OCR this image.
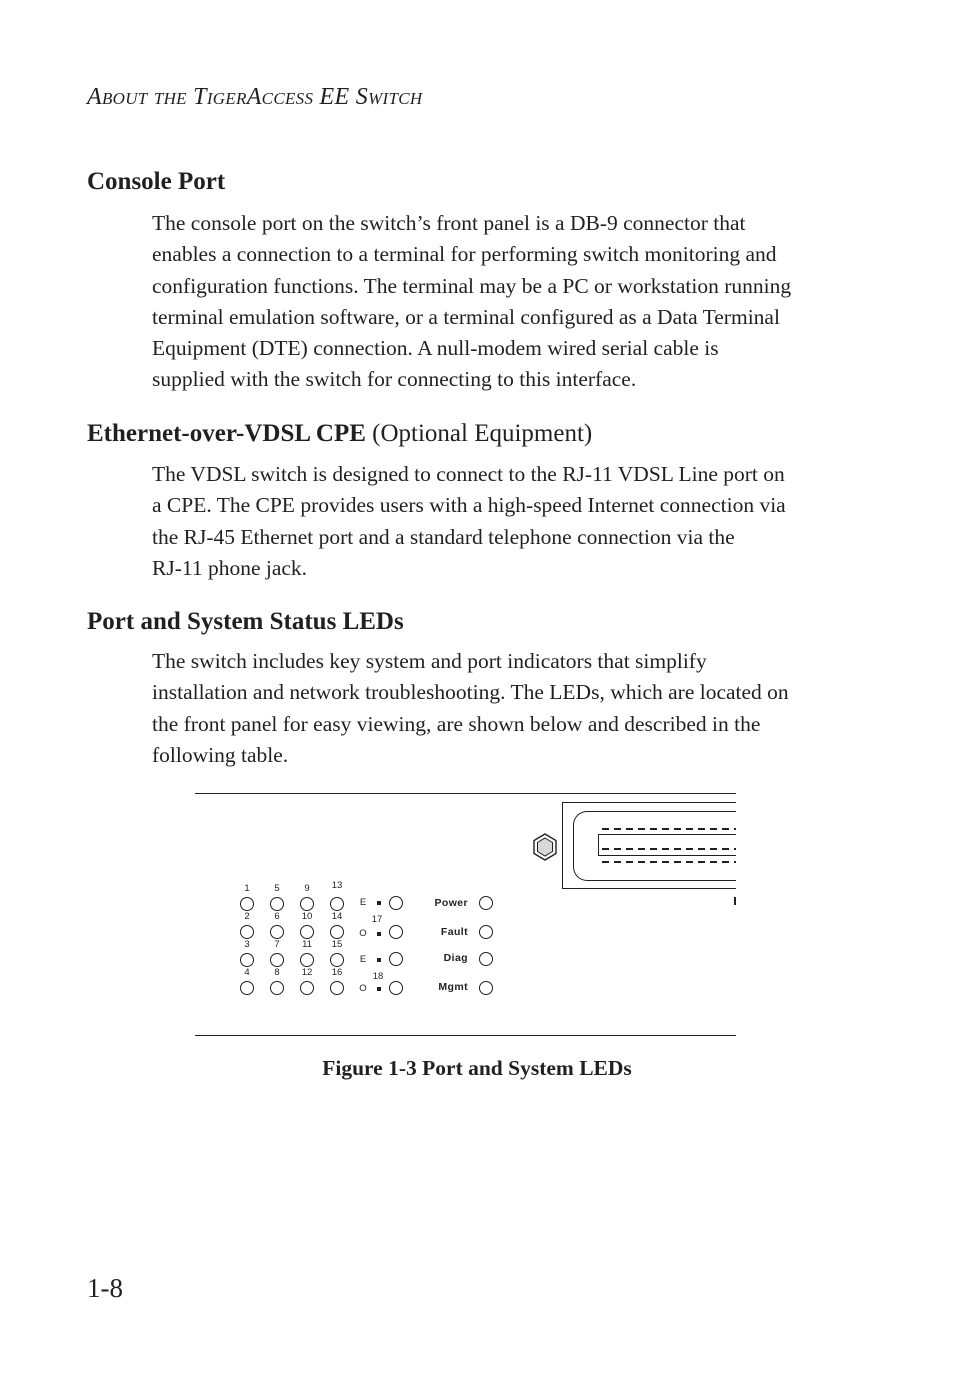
About the TigerAccess EE Switch
Console Port

The console port on the switch’s front panel is a DB-9 connector that
enables a connection to a terminal for performing switch monitoring and
configuration functions. The terminal may be a PC or workstation running
terminal emulation software, or a terminal configured as a Data Terminal
Equipment (DTE) connection. A null-modem wired serial cable is
supplied with the switch for connecting to this interface.

Ethernet-over-VDSL CPE (Optional Equipment)

The VDSL switch is designed to connect to the RJ-11 VDSL Line port on
a CPE. The CPE provides users with a high-speed Internet connection via
the RJ-45 Ethernet port and a standard telephone connection via the
RJ-11 phone jack.

Port and System Status LEDs

The switch includes key system and port indicators that simplify
installation and network troubleshooting. The LEDs, which are located on
the front panel for easy viewing, are shown below and described in the
following table.

1
2
3
4
5
6
7
8
9
10
11
12
13
14
15
16
E
17
O
E
18
O
Power
Fault
Diag
Mgmt

Figure 1-3 Port and System LEDs

1-8
